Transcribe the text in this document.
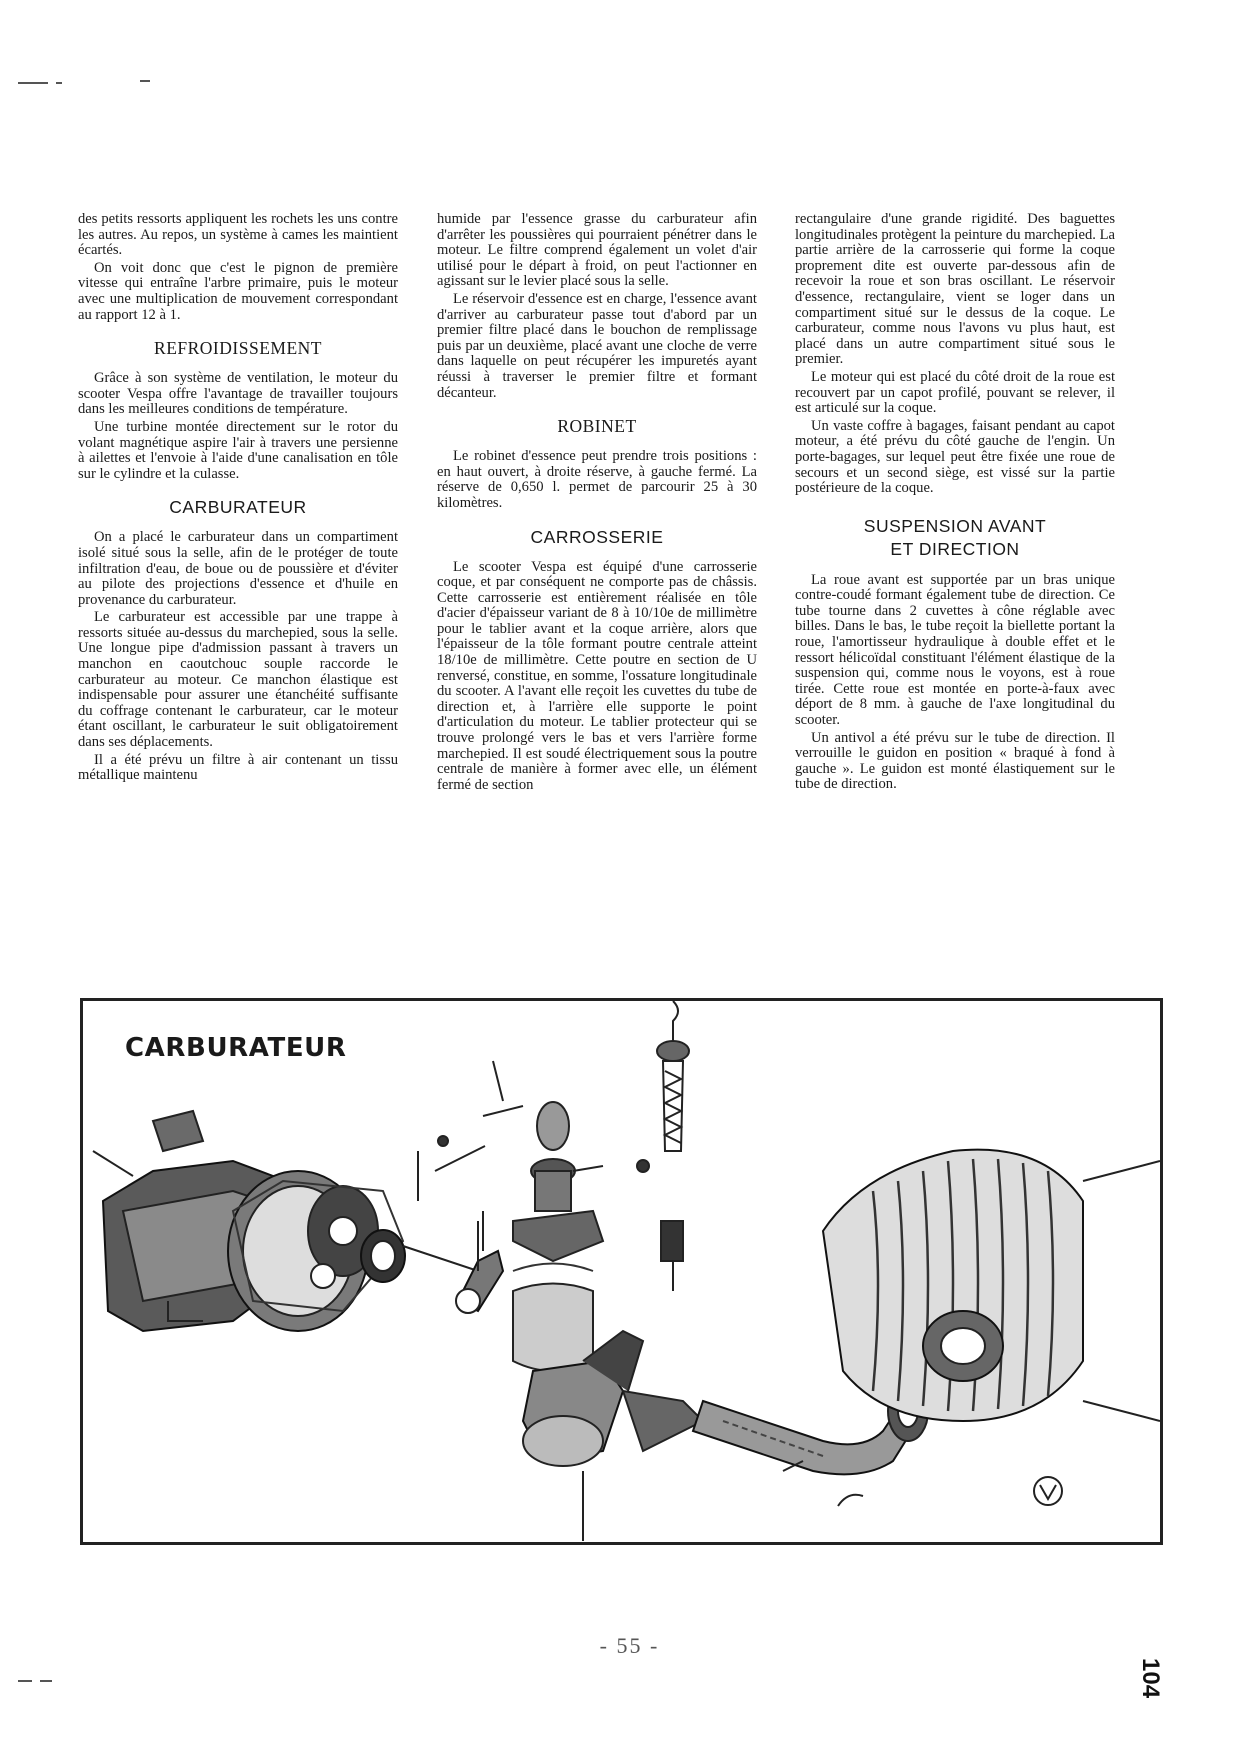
des petits ressorts appliquent les rochets les uns contre les autres. Au repos, un système à cames les maintient écartés.

On voit donc que c'est le pignon de première vitesse qui entraîne l'arbre primaire, puis le moteur avec une multiplication de mouvement correspondant au rapport 12 à 1.

REFROIDISSEMENT

Grâce à son système de ventilation, le moteur du scooter Vespa offre l'avantage de travailler toujours dans les meilleures conditions de température.

Une turbine montée directement sur le rotor du volant magnétique aspire l'air à travers une persienne à ailettes et l'envoie à l'aide d'une canalisation en tôle sur le cylindre et la culasse.

CARBURATEUR

On a placé le carburateur dans un compartiment isolé situé sous la selle, afin de le protéger de toute infiltration d'eau, de boue ou de poussière et d'éviter au pilote des projections d'essence et d'huile en provenance du carburateur.

Le carburateur est accessible par une trappe à ressorts située au-dessus du marchepied, sous la selle. Une longue pipe d'admission passant à travers un manchon en caoutchouc souple raccorde le carburateur au moteur. Ce manchon élastique est indispensable pour assurer une étanchéité suffisante du coffrage contenant le carburateur, car le moteur étant oscillant, le carburateur le suit obligatoirement dans ses déplacements.

Il a été prévu un filtre à air contenant un tissu métallique maintenu

humide par l'essence grasse du carburateur afin d'arrêter les poussières qui pourraient pénétrer dans le moteur. Le filtre comprend également un volet d'air utilisé pour le départ à froid, on peut l'actionner en agissant sur le levier placé sous la selle.

Le réservoir d'essence est en charge, l'essence avant d'arriver au carburateur passe tout d'abord par un premier filtre placé dans le bouchon de remplissage puis par un deuxième, placé avant une cloche de verre dans laquelle on peut récupérer les impuretés ayant réussi à traverser le premier filtre et formant décanteur.

ROBINET

Le robinet d'essence peut prendre trois positions : en haut ouvert, à droite réserve, à gauche fermé. La réserve de 0,650 l. permet de parcourir 25 à 30 kilomètres.

CARROSSERIE

Le scooter Vespa est équipé d'une carrosserie coque, et par conséquent ne comporte pas de châssis. Cette carrosserie est entièrement réalisée en tôle d'acier d'épaisseur variant de 8 à 10/10e de millimètre pour le tablier avant et la coque arrière, alors que l'épaisseur de la tôle formant poutre centrale atteint 18/10e de millimètre. Cette poutre en section de U renversé, constitue, en somme, l'ossature longitudinale du scooter. A l'avant elle reçoit les cuvettes du tube de direction et, à l'arrière elle supporte le point d'articulation du moteur. Le tablier protecteur qui se trouve prolongé vers le bas et vers l'arrière forme marchepied. Il est soudé électriquement sous la poutre centrale de manière à former avec elle, un élément fermé de section

rectangulaire d'une grande rigidité. Des baguettes longitudinales protègent la peinture du marchepied. La partie arrière de la carrosserie qui forme la coque proprement dite est ouverte par-dessous afin de recevoir la roue et son bras oscillant. Le réservoir d'essence, rectangulaire, vient se loger dans un compartiment situé sur le dessus de la coque. Le carburateur, comme nous l'avons vu plus haut, est placé dans un autre compartiment situé sous le premier.

Le moteur qui est placé du côté droit de la roue est recouvert par un capot profilé, pouvant se relever, il est articulé sur la coque.

Un vaste coffre à bagages, faisant pendant au capot moteur, a été prévu du côté gauche de l'engin. Un porte-bagages, sur lequel peut être fixée une roue de secours et un second siège, est vissé sur la partie postérieure de la coque.

SUSPENSION AVANT
ET DIRECTION

La roue avant est supportée par un bras unique contre-coudé formant également tube de direction. Ce tube tourne dans 2 cuvettes à cône réglable avec billes. Dans le bas, le tube reçoit la biellette portant la roue, l'amortisseur hydraulique à double effet et le ressort hélicoïdal constituant l'élément élastique de la suspension qui, comme nous le voyons, est à roue tirée. Cette roue est montée en porte-à-faux avec déport de 8 mm. à gauche de l'axe longitudinal du scooter.

Un antivol a été prévu sur le tube de direction. Il verrouille le guidon en position « braqué à fond à gauche ». Le guidon est monté élastiquement sur le tube de direction.

CARBURATEUR
- 55 -
104
